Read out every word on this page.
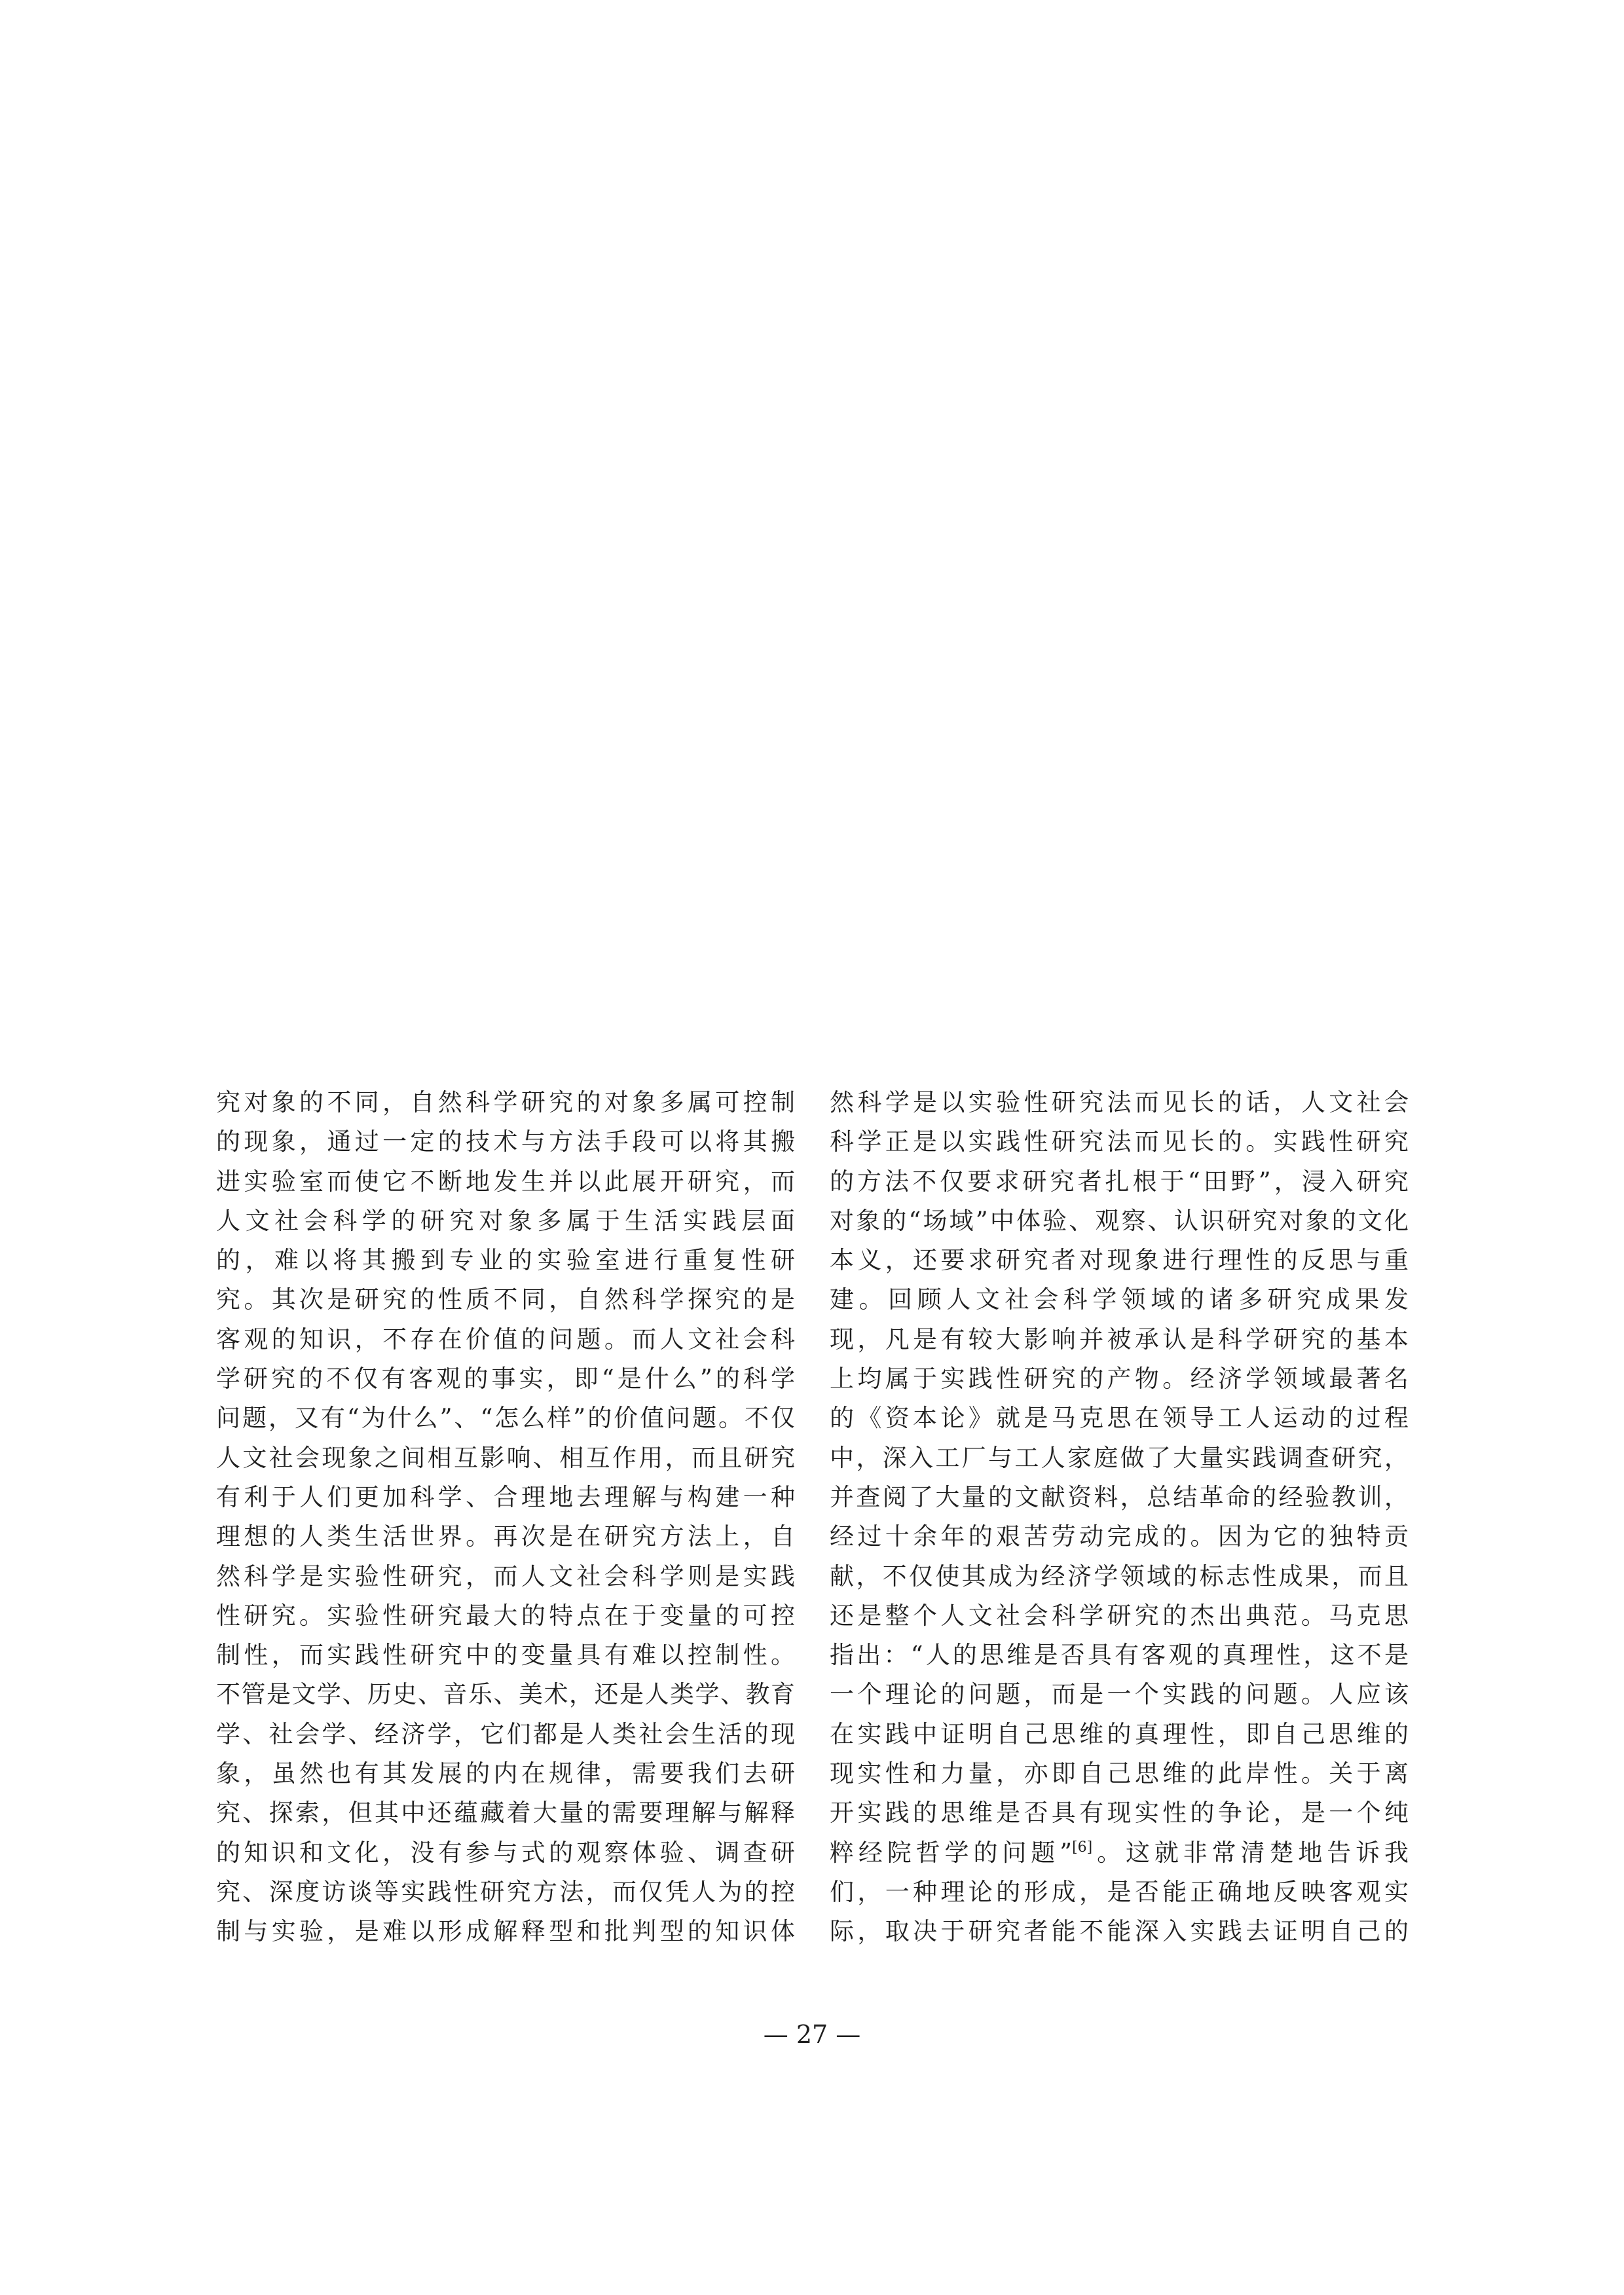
究对象的不同，自然科学研究的对象多属可控制
的现象，通过一定的技术与方法手段可以将其搬
进实验室而使它不断地发生并以此展开研究，而
人文社会科学的研究对象多属于生活实践层面
的，难以将其搬到专业的实验室进行重复性研
究。其次是研究的性质不同，自然科学探究的是
客观的知识，不存在价值的问题。而人文社会科
学研究的不仅有客观的事实，即“是什么”的科学
问题，又有“为什么”、“怎么样”的价值问题。不仅
人文社会现象之间相互影响、相互作用，而且研究
有利于人们更加科学、合理地去理解与构建一种
理想的人类生活世界。再次是在研究方法上，自
然科学是实验性研究，而人文社会科学则是实践
性研究。实验性研究最大的特点在于变量的可控
制性，而实践性研究中的变量具有难以控制性。
不管是文学、历史、音乐、美术，还是人类学、教育
学、社会学、经济学，它们都是人类社会生活的现
象，虽然也有其发展的内在规律，需要我们去研
究、探索，但其中还蕴藏着大量的需要理解与解释
的知识和文化，没有参与式的观察体验、调查研
究、深度访谈等实践性研究方法，而仅凭人为的控
制与实验，是难以形成解释型和批判型的知识体
然科学是以实验性研究法而见长的话，人文社会
科学正是以实践性研究法而见长的。实践性研究
的方法不仅要求研究者扎根于“田野”，浸入研究
对象的“场域”中体验、观察、认识研究对象的文化
本义，还要求研究者对现象进行理性的反思与重
建。回顾人文社会科学领域的诸多研究成果发
现，凡是有较大影响并被承认是科学研究的基本
上均属于实践性研究的产物。经济学领域最著名
的《资本论》就是马克思在领导工人运动的过程
中，深入工厂与工人家庭做了大量实践调查研究，
并查阅了大量的文献资料，总结革命的经验教训，
经过十余年的艰苦劳动完成的。因为它的独特贡
献，不仅使其成为经济学领域的标志性成果，而且
还是整个人文社会科学研究的杰出典范。马克思
指出：“人的思维是否具有客观的真理性，这不是
一个理论的问题，而是一个实践的问题。人应该
在实践中证明自己思维的真理性，即自己思维的
现实性和力量，亦即自己思维的此岸性。关于离
开实践的思维是否具有现实性的争论，是一个纯
粹经院哲学的问题”[6]。这就非常清楚地告诉我
们，一种理论的形成，是否能正确地反映客观实
际，取决于研究者能不能深入实践去证明自己的
— 27 —
